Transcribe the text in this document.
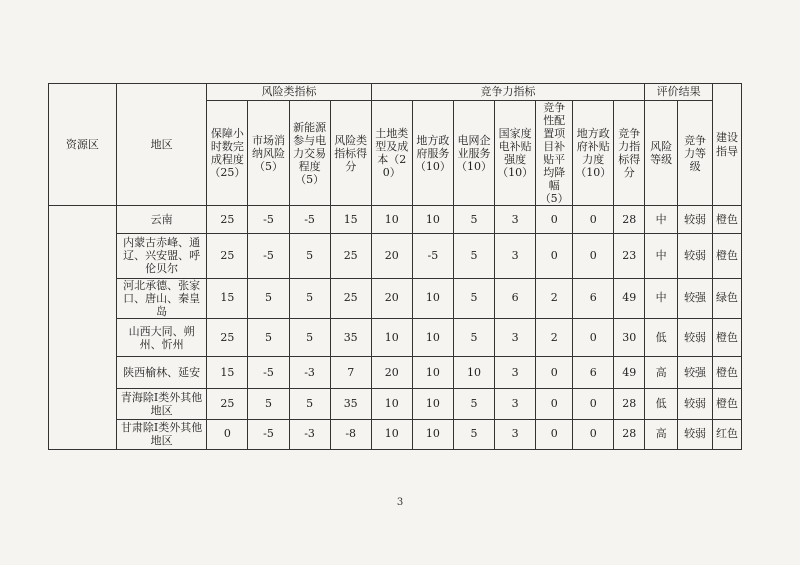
资源区	地区	风险类指标				竞争力指标							评价结果		建设指导
		保障小时数完成程度（25）	市场消纳风险（5）	新能源参与电力交易程度（5）	风险类指标得分	土地类型及成本（20）	地方政府服务（10）	电网企业服务（10）	国家度电补贴强度（10）	竞争性配置项目补贴平均降幅（5）	地方政府补贴力度（10）	竞争力指标得分	风险等级	竞争力等级	
	云南	25	-5	-5	15	10	10	5	3	0	0	28	中	较弱	橙色
	内蒙古赤峰、通辽、兴安盟、呼伦贝尔	25	-5	5	25	20	-5	5	3	0	0	23	中	较弱	橙色
	河北承德、张家口、唐山、秦皇岛	15	5	5	25	20	10	5	6	2	6	49	中	较强	绿色
	山西大同、朔州、忻州	25	5	5	35	10	10	5	3	2	0	30	低	较弱	橙色
	陕西榆林、延安	15	-5	-3	7	20	10	10	3	0	6	49	高	较强	橙色
	青海除Ⅰ类外其他地区	25	5	5	35	10	10	5	3	0	0	28	低	较弱	橙色
	甘肃除Ⅰ类外其他地区	0	-5	-3	-8	10	10	5	3	0	0	28	高	较弱	红色
3
